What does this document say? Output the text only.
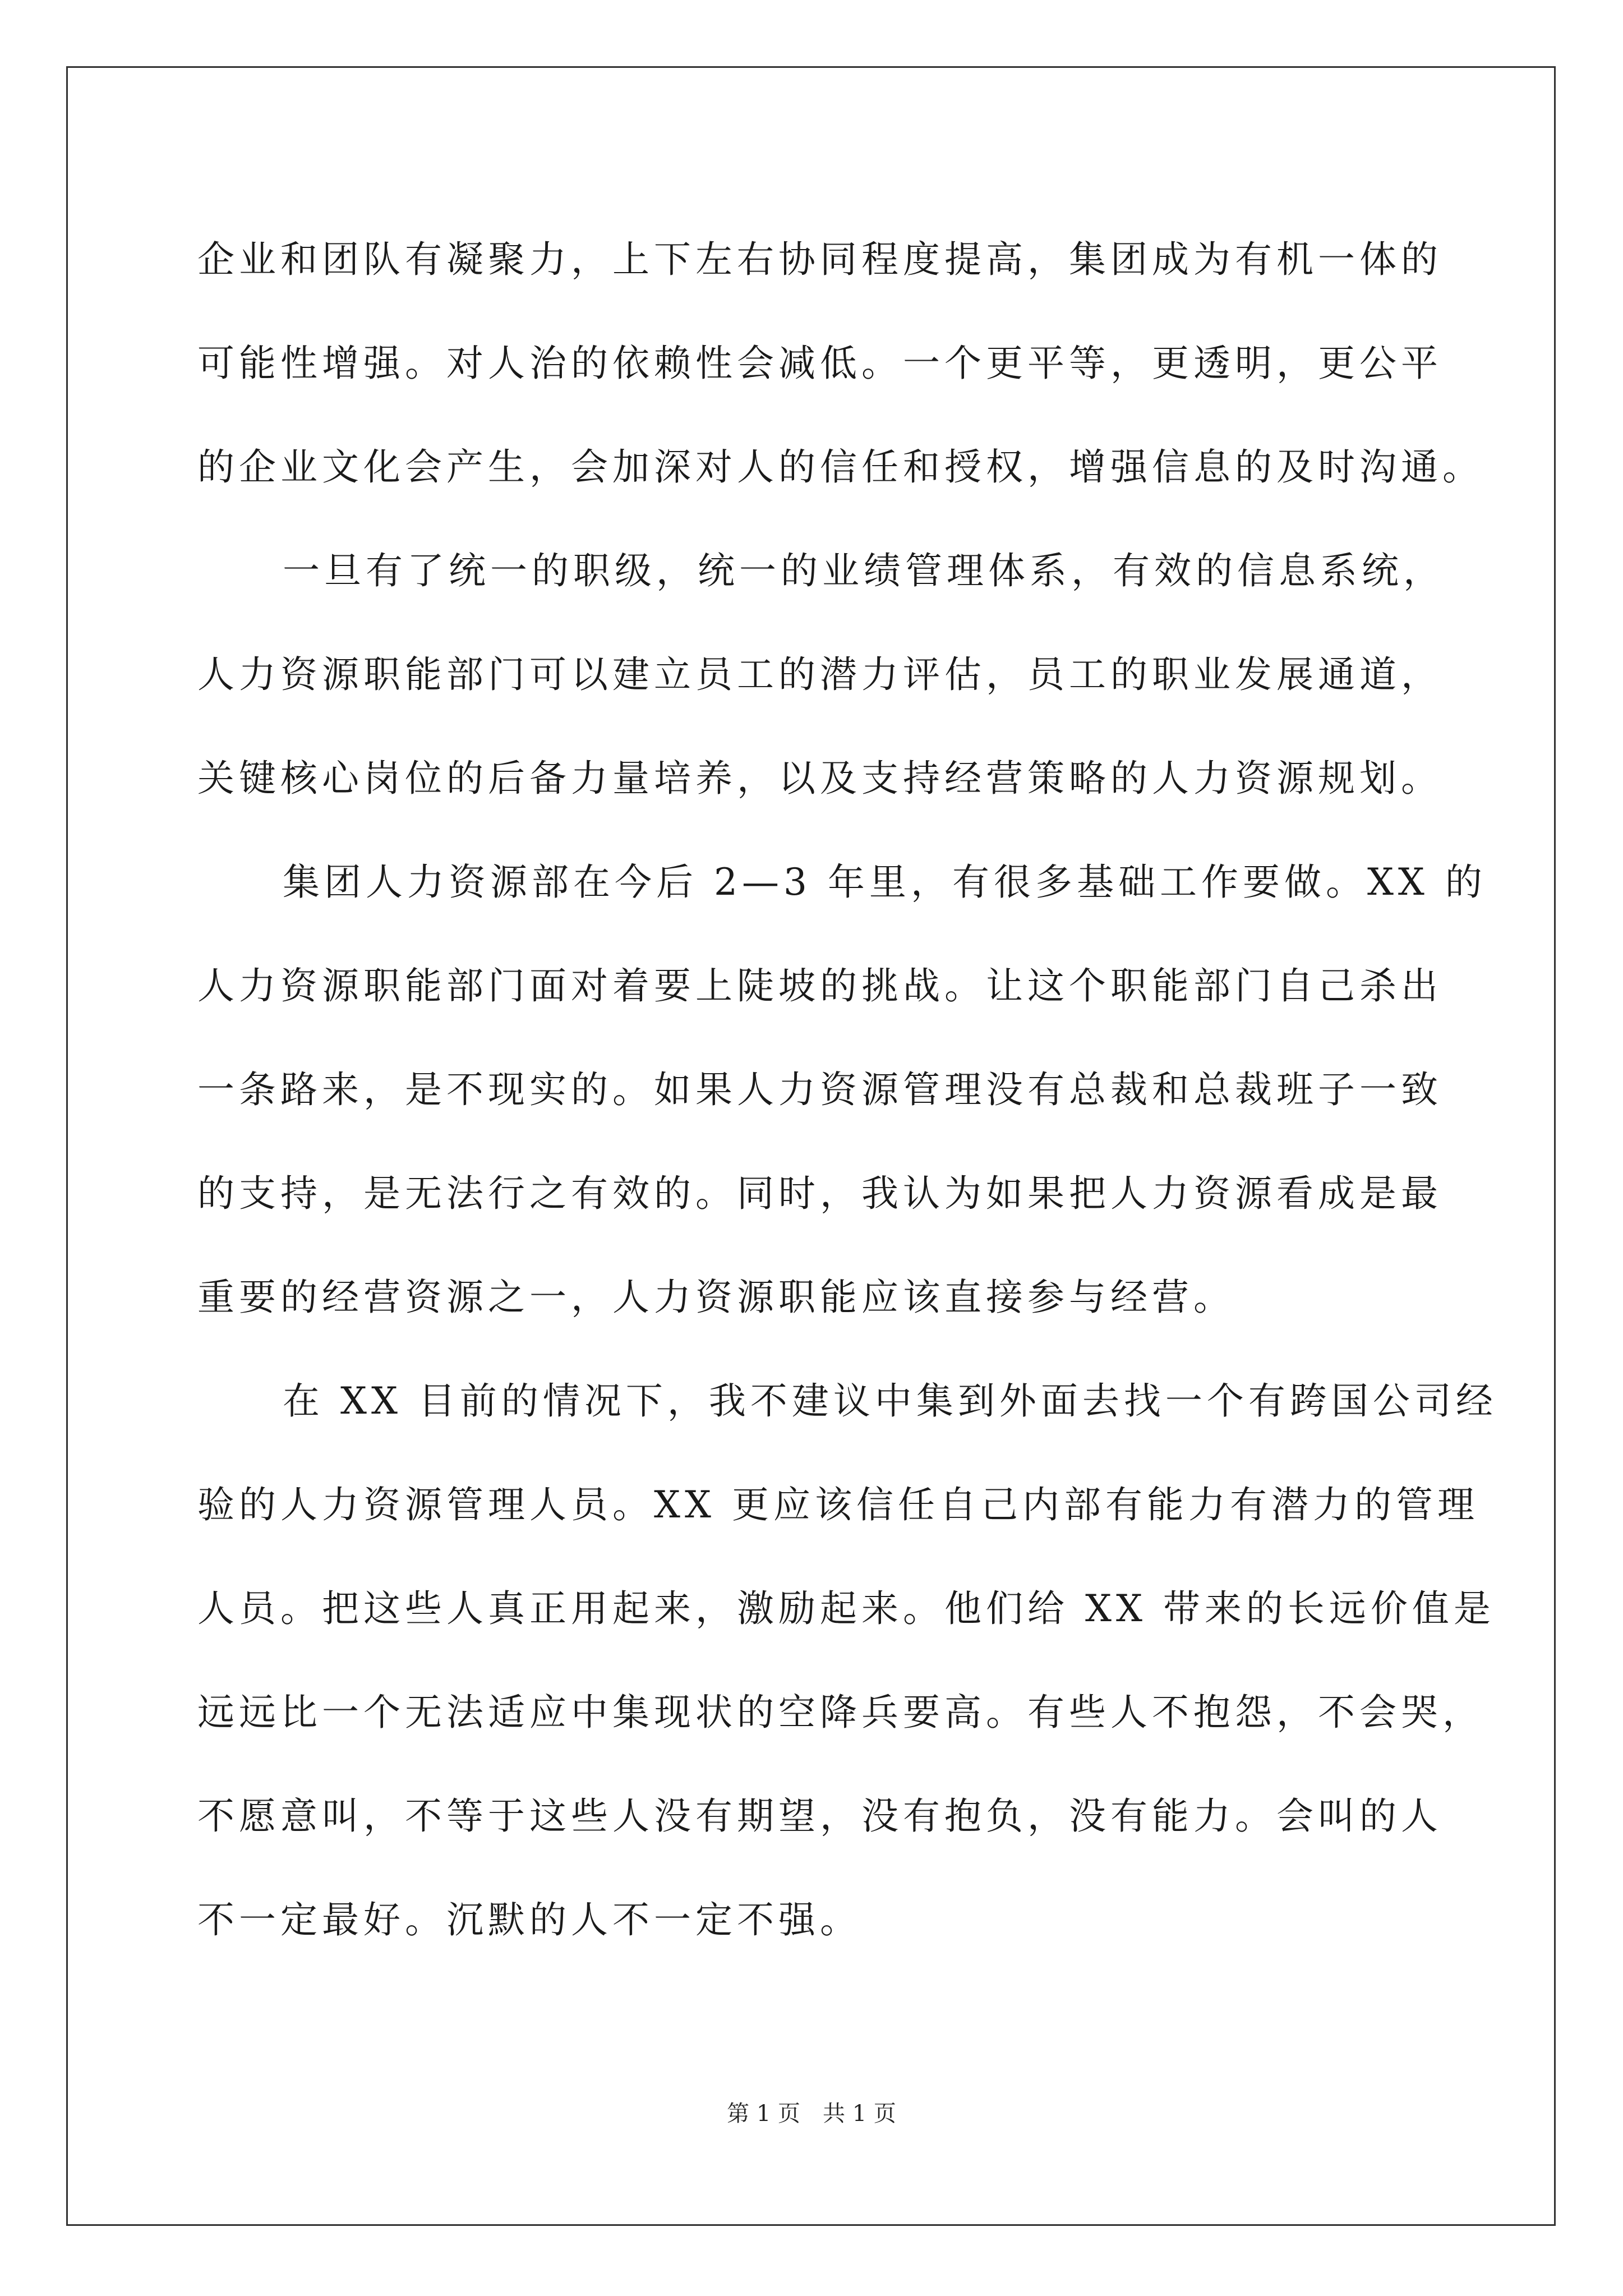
企业和团队有凝聚力，上下左右协同程度提高，集团成为有机一体的
可能性增强。对人治的依赖性会减低。一个更平等，更透明，更公平
的企业文化会产生，会加深对人的信任和授权，增强信息的及时沟通。
一旦有了统一的职级，统一的业绩管理体系，有效的信息系统，
人力资源职能部门可以建立员工的潜力评估，员工的职业发展通道，
关键核心岗位的后备力量培养，以及支持经营策略的人力资源规划。
集团人力资源部在今后 2—3 年里，有很多基础工作要做。XX 的
人力资源职能部门面对着要上陡坡的挑战。让这个职能部门自己杀出
一条路来，是不现实的。如果人力资源管理没有总裁和总裁班子一致
的支持，是无法行之有效的。同时，我认为如果把人力资源看成是最
重要的经营资源之一，人力资源职能应该直接参与经营。
在 XX 目前的情况下，我不建议中集到外面去找一个有跨国公司经
验的人力资源管理人员。XX 更应该信任自己内部有能力有潜力的管理
人员。把这些人真正用起来，激励起来。他们给 XX 带来的长远价值是
远远比一个无法适应中集现状的空降兵要高。有些人不抱怨，不会哭，
不愿意叫，不等于这些人没有期望，没有抱负，没有能力。会叫的人
不一定最好。沉默的人不一定不强。
第 1 页　共 1 页
